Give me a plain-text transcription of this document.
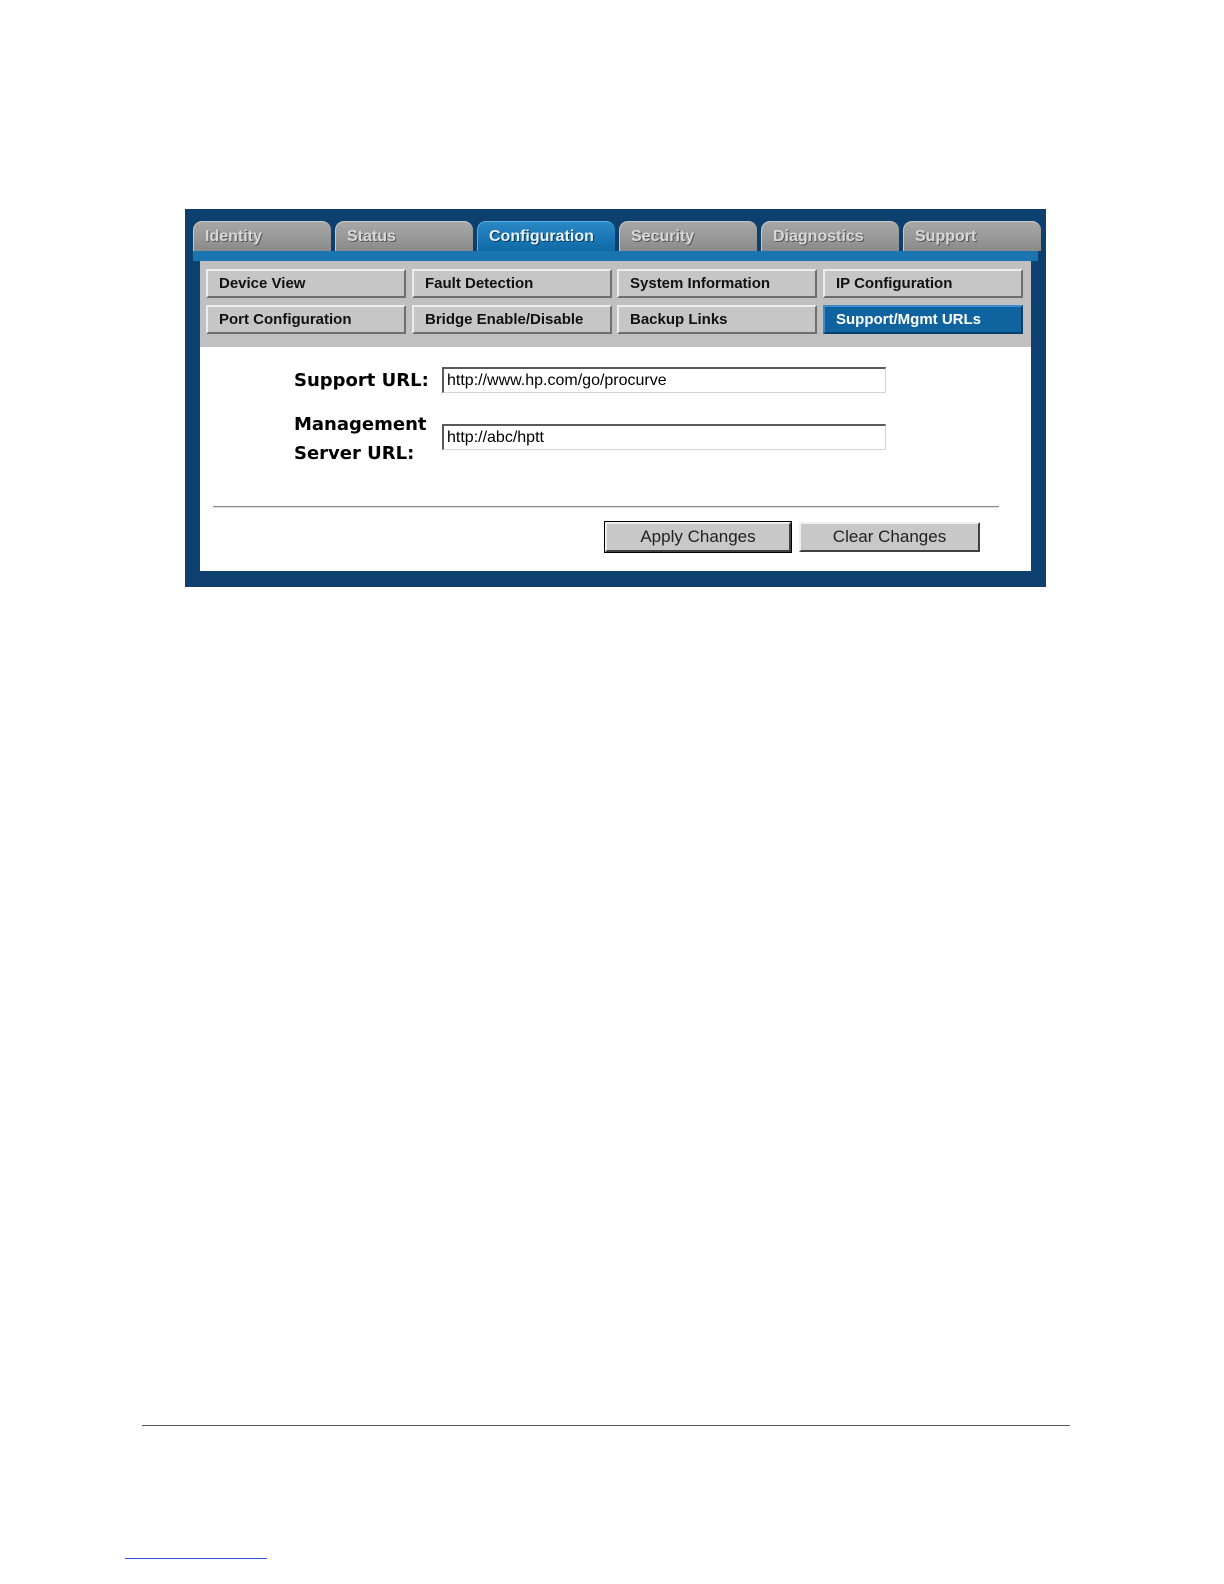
Identity	Status	Configuration	Security	Diagnostics	Support
Device View	Fault Detection	System Information	IP Configuration
Port Configuration	Bridge Enable/Disable	Backup Links	Support/Mgmt URLs
Support URL:
http://www.hp.com/go/procurve
Management
Server URL:
http://abc/hptt
Apply Changes	Clear Changes
